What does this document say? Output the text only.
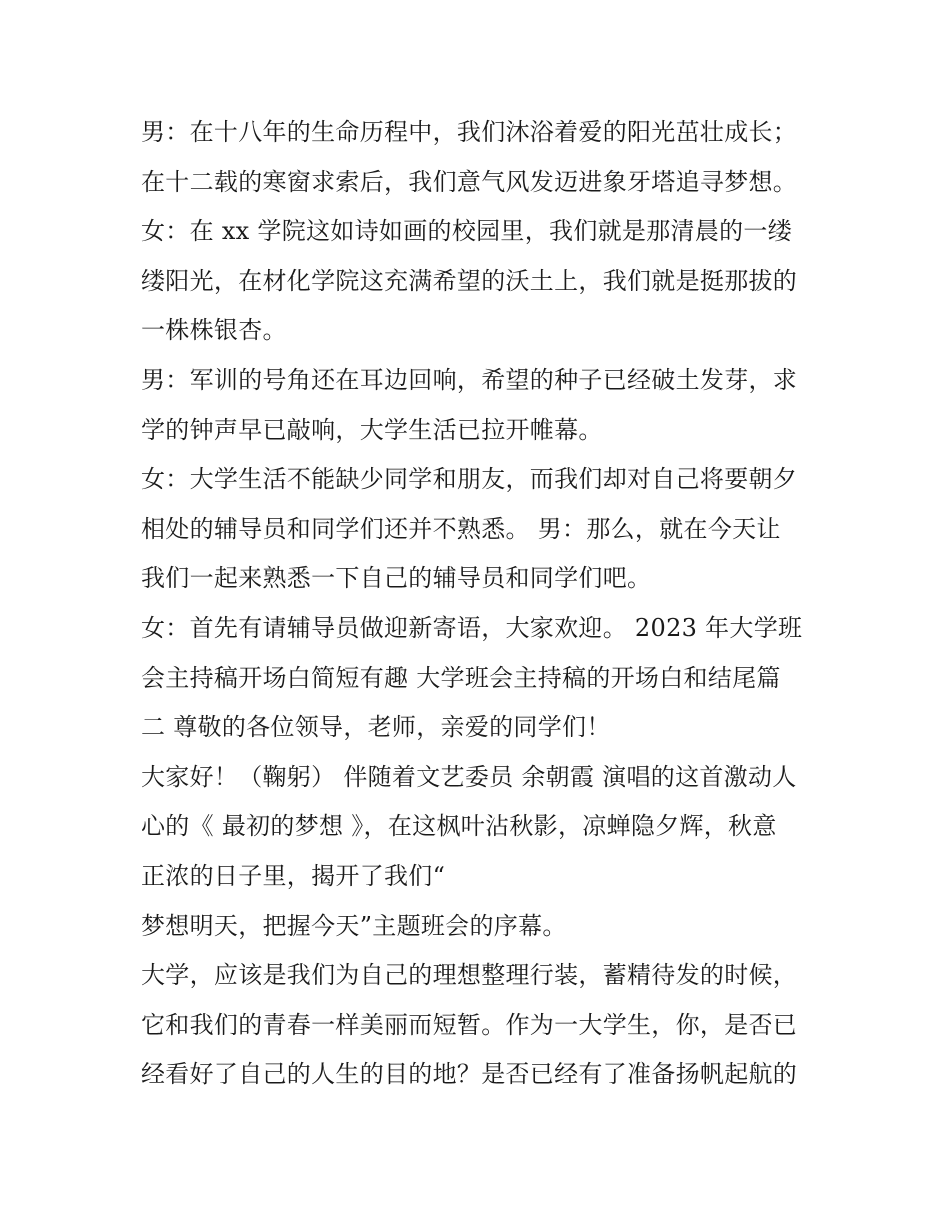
男：在十八年的生命历程中，我们沐浴着爱的阳光茁壮成长；
在十二载的寒窗求索后，我们意气风发迈进象牙塔追寻梦想。
女：在 xx 学院这如诗如画的校园里，我们就是那清晨的一缕
缕阳光，在材化学院这充满希望的沃土上，我们就是挺那拔的
一株株银杏。
男：军训的号角还在耳边回响，希望的种子已经破土发芽，求
学的钟声早已敲响，大学生活已拉开帷幕。
女：大学生活不能缺少同学和朋友，而我们却对自己将要朝夕
相处的辅导员和同学们还并不熟悉。 男：那么，就在今天让
我们一起来熟悉一下自己的辅导员和同学们吧。
女：首先有请辅导员做迎新寄语，大家欢迎。 2023 年大学班
会主持稿开场白简短有趣 大学班会主持稿的开场白和结尾篇
二 尊敬的各位领导，老师，亲爱的同学们！
大家好！（鞠躬） 伴随着文艺委员 余朝霞 演唱的这首激动人
心的《 最初的梦想 》，在这枫叶沾秋影，凉蝉隐夕辉，秋意
正浓的日子里，揭开了我们“
梦想明天，把握今天”主题班会的序幕。
大学，应该是我们为自己的理想整理行装，蓄精待发的时候，
它和我们的青春一样美丽而短暂。作为一大学生，你，是否已
经看好了自己的人生的目的地？是否已经有了准备扬帆起航的
